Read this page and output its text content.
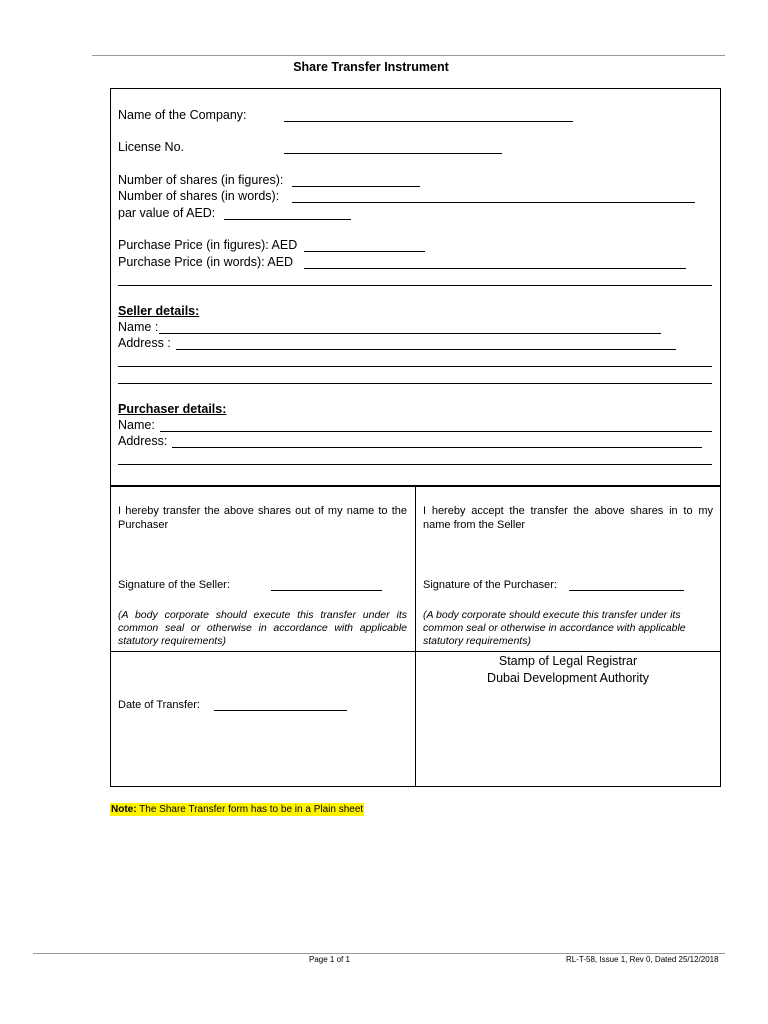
Share Transfer Instrument
Name of the Company:
License No.
Number of shares (in figures):
Number of shares (in words):
par value of AED:
Purchase Price (in figures): AED
Purchase Price (in words): AED
Seller details:
Name :
Address :
Purchaser details:
Name:
Address:
I hereby transfer the above shares out of my name to the Purchaser
I hereby accept the transfer the above shares in to my name from the Seller
Signature of the Seller:	Signature of the Purchaser:
(A body corporate should execute this transfer under its common seal or otherwise in accordance with applicable statutory requirements)
(A body corporate should execute this transfer under its common seal or otherwise in accordance with applicable statutory requirements)
Stamp of Legal Registrar
Dubai Development Authority
Date of Transfer:
Note: The Share Transfer form has to be in a Plain sheet
Page 1 of 1	RL-T-58, Issue 1, Rev 0, Dated 25/12/2018
